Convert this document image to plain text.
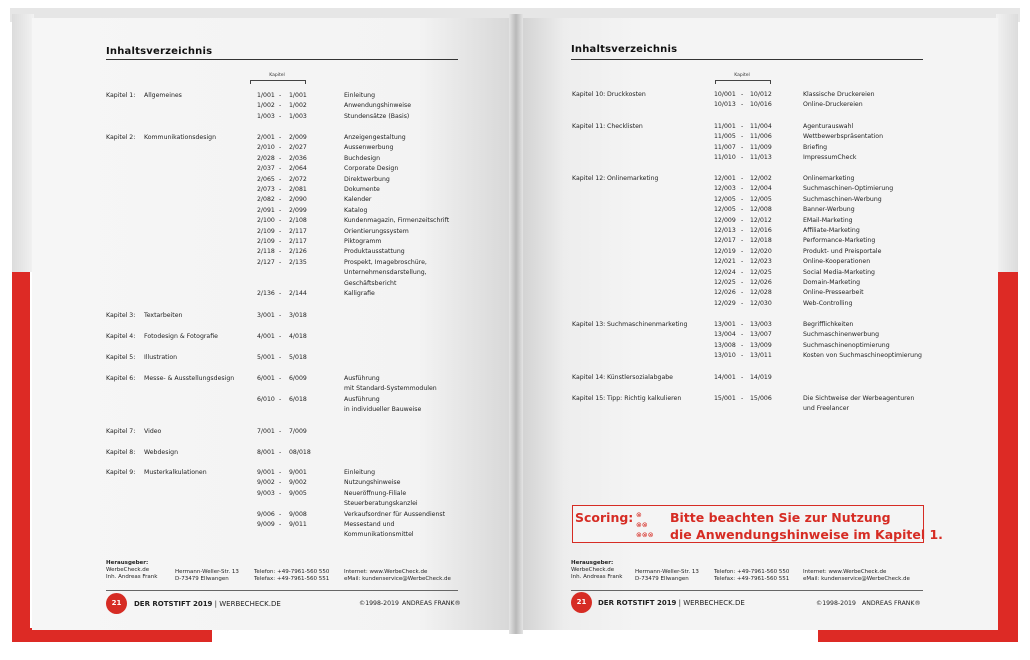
Inhaltsverzeichnis
Kapitel
Kapitel 1: Allgemeines	1/001 - 1/001	Einleitung
1/002 - 1/002	Anwendungshinweise
1/003 - 1/003	Stundensätze (Basis)
Kapitel 2: Kommunikationsdesign	2/001 - 2/009	Anzeigengestaltung
2/010 - 2/027	Aussenwerbung
2/028 - 2/036	Buchdesign
2/037 - 2/064	Corporate Design
2/065 - 2/072	Direktwerbung
2/073 - 2/081	Dokumente
2/082 - 2/090	Kalender
2/091 - 2/099	Katalog
2/100 - 2/108	Kundenmagazin, Firmenzeitschrift
2/109 - 2/117	Orientierungssystem
2/109 - 2/117	Piktogramm
2/118 - 2/126	Produktausstattung
2/127 - 2/135	Prospekt, Imagebroschüre,
Unternehmensdarstellung,
Geschäftsbericht
2/136 - 2/144	Kalligrafie
Kapitel 3: Textarbeiten	3/001 - 3/018
Kapitel 4: Fotodesign & Fotografie	4/001 - 4/018
Kapitel 5: Illustration	5/001 - 5/018
Kapitel 6: Messe- & Ausstellungsdesign	6/001 - 6/009	Ausführung
mit Standard-Systemmodulen
6/010 - 6/018	Ausführung
in individueller Bauweise
Kapitel 7: Video	7/001 - 7/009
Kapitel 8: Webdesign	8/001 - 08/018
Kapitel 9: Musterkalkulationen	9/001 - 9/001	Einleitung
9/002 - 9/002	Nutzungshinweise
9/003 - 9/005	Neueröffnung-Filiale
Steuerberatungskanzlei
9/006 - 9/008	Verkaufsordner für Aussendienst
9/009 - 9/011	Messestand und
Kommunikationsmittel
Herausgeber:
WerbeCheck.de
Inh. Andreas Frank
Hermann-Weller-Str. 13
D-73479 Ellwangen
Telefon: +49-7961-560 550
Telefax: +49-7961-560 551
Internet: www.WerbeCheck.de
eMail: kundenservice@WerbeCheck.de
21	DER ROTSTIFT 2019 | WERBECHECK.DE	©1998-2019 ANDREAS FRANK®
Inhaltsverzeichnis
Kapitel
Kapitel 10: Druckkosten	10/001 - 10/012	Klassische Druckereien
10/013 - 10/016	Online-Druckereien
Kapitel 11: Checklisten	11/001 - 11/004	Agenturauswahl
11/005 - 11/006	Wettbewerbspräsentation
11/007 - 11/009	Briefing
11/010 - 11/013	ImpressumCheck
Kapitel 12: Onlinemarketing	12/001 - 12/002	Onlinemarketing
12/003 - 12/004	Suchmaschinen-Optimierung
12/005 - 12/005	Suchmaschinen-Werbung
12/005 - 12/008	Banner-Werbung
12/009 - 12/012	EMail-Marketing
12/013 - 12/016	Affiliate-Marketing
12/017 - 12/018	Performance-Marketing
12/019 - 12/020	Produkt- und Preisportale
12/021 - 12/023	Online-Kooperationen
12/024 - 12/025	Social Media-Marketing
12/025 - 12/026	Domain-Marketing
12/026 - 12/028	Online-Pressearbeit
12/029 - 12/030	Web-Controlling
Kapitel 13: Suchmaschinenmarketing	13/001 - 13/003	Begrifflichkeiten
13/004 - 13/007	Suchmaschinenwerbung
13/008 - 13/009	Suchmaschinenoptimierung
13/010 - 13/011	Kosten von Suchmaschineoptimierung
Kapitel 14: Künstlersozialabgabe	14/001 - 14/019
Kapitel 15: Tipp: Richtig kalkulieren	15/001 - 15/006	Die Sichtweise der Werbeagenturen
und Freelancer
Herausgeber:
WerbeCheck.de
Inh. Andreas Frank
Hermann-Weller-Str. 13
D-73479 Ellwangen
Telefon: +49-7961-560 550
Telefax: +49-7961-560 551
Internet: www.WerbeCheck.de
eMail: kundenservice@WerbeCheck.de
21	DER ROTSTIFT 2019 | WERBECHECK.DE	©1998-2019 ANDREAS FRANK®
Scoring: ⊗
⊗⊗
⊗⊗⊗
Bitte beachten Sie zur Nutzung
die Anwendungshinweise im Kapitel 1.
